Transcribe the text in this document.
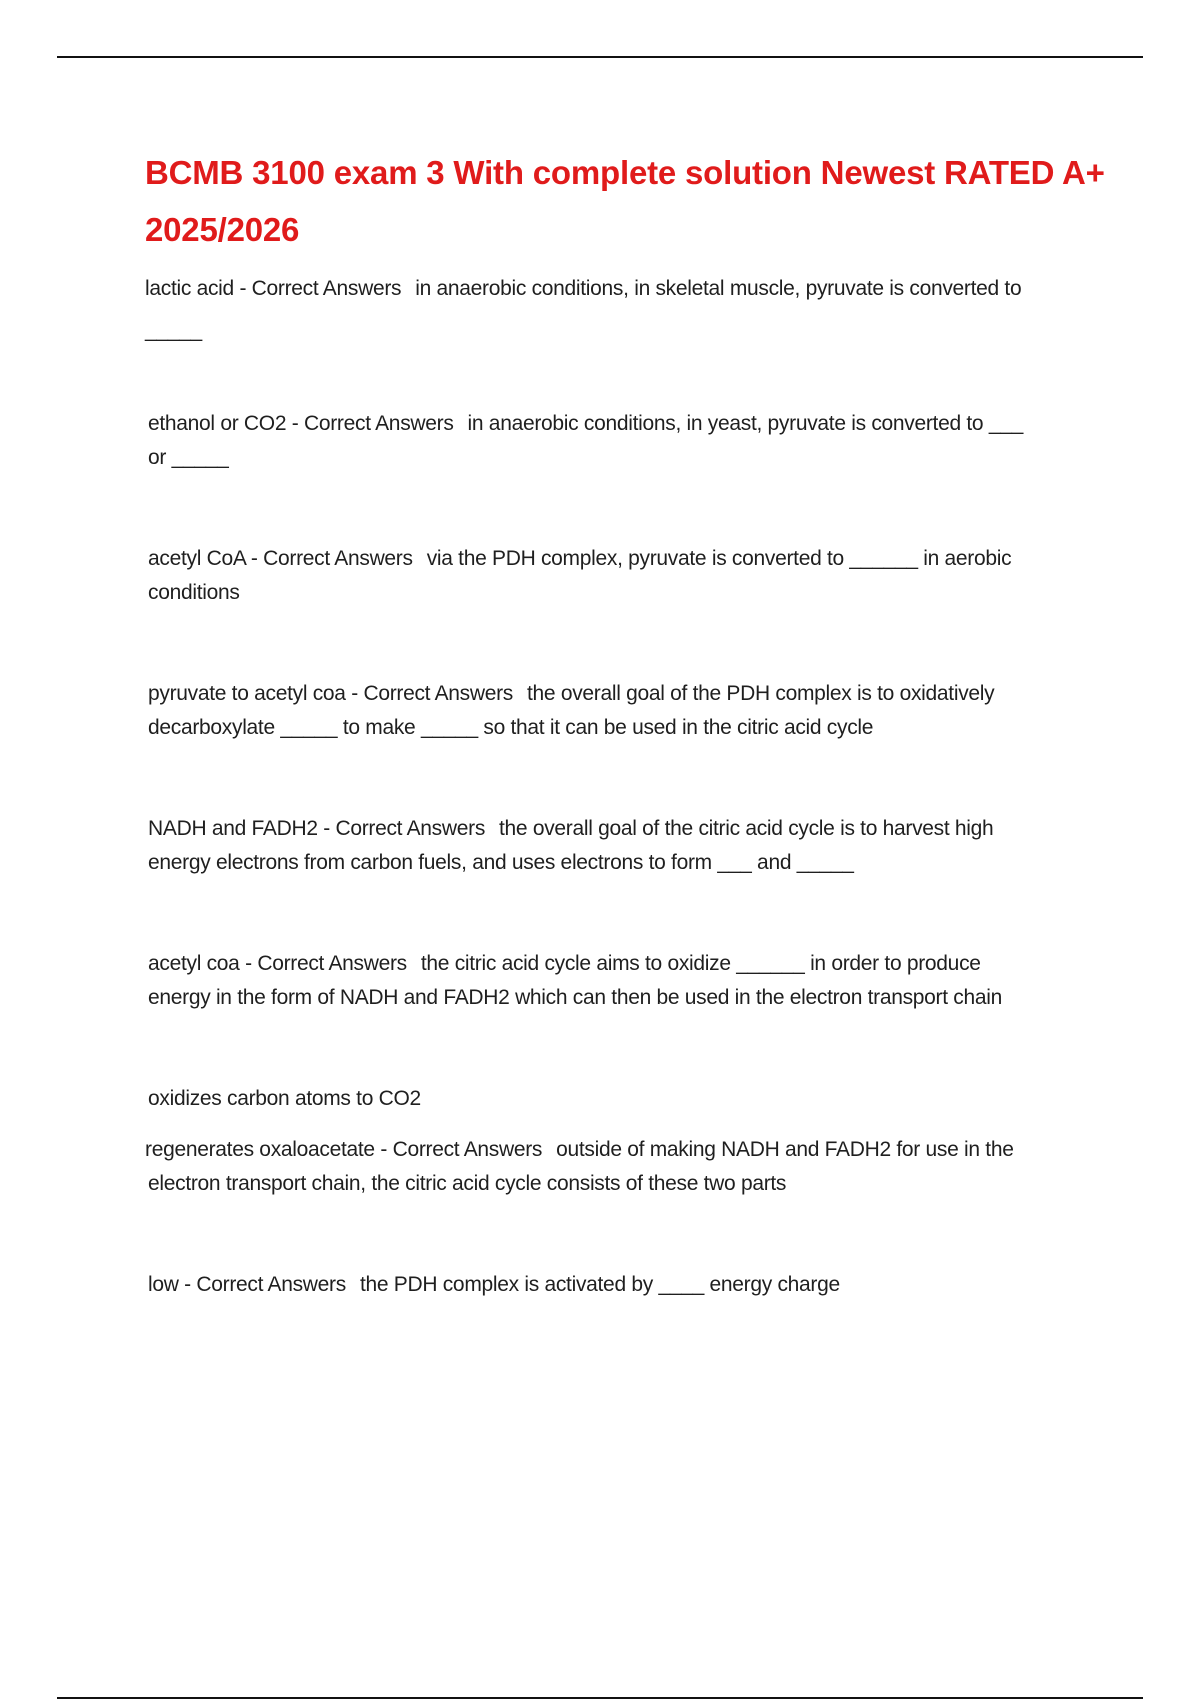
BCMB 3100 exam 3 With complete solution Newest RATED A+ 2025/2026
lactic acid - Correct Answers in anaerobic conditions, in skeletal muscle, pyruvate is converted to
_____
ethanol or CO2 - Correct Answers in anaerobic conditions, in yeast, pyruvate is converted to ___
or _____
acetyl CoA - Correct Answers via the PDH complex, pyruvate is converted to ______ in aerobic
conditions
pyruvate to acetyl coa - Correct Answers the overall goal of the PDH complex is to oxidatively
decarboxylate _____ to make _____ so that it can be used in the citric acid cycle
NADH and FADH2 - Correct Answers the overall goal of the citric acid cycle is to harvest high
energy electrons from carbon fuels, and uses electrons to form ___ and _____
acetyl coa - Correct Answers the citric acid cycle aims to oxidize ______ in order to produce
energy in the form of NADH and FADH2 which can then be used in the electron transport chain
oxidizes carbon atoms to CO2
regenerates oxaloacetate - Correct Answers outside of making NADH and FADH2 for use in the
electron transport chain, the citric acid cycle consists of these two parts
low - Correct Answers the PDH complex is activated by ____ energy charge
